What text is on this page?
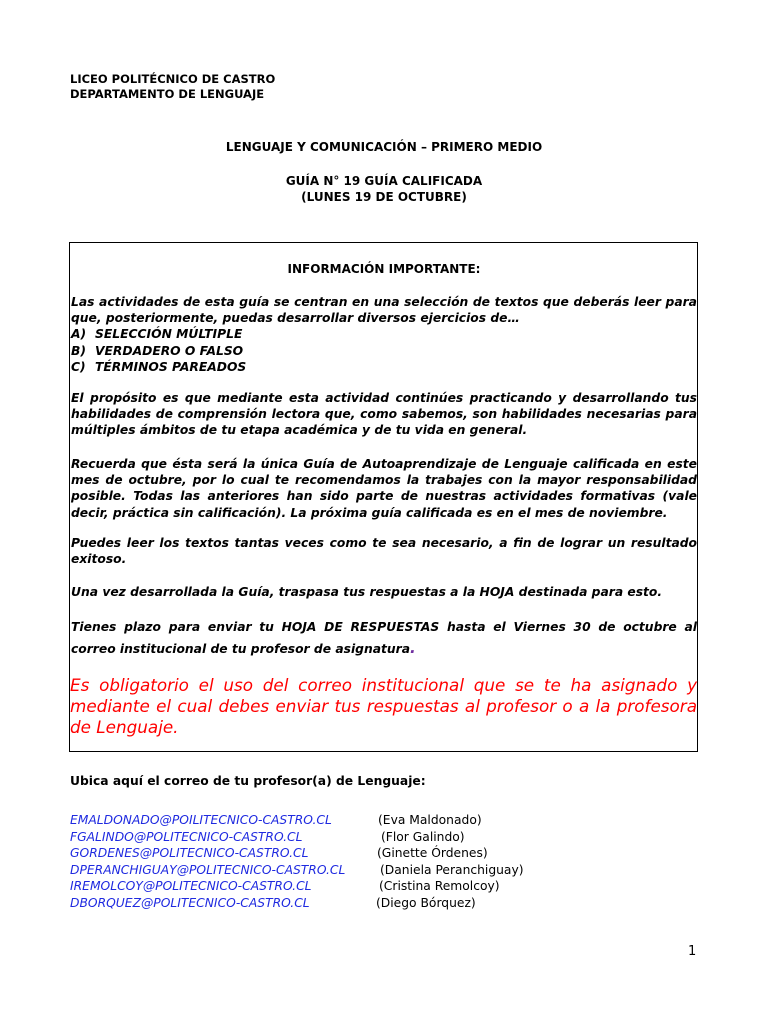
LICEO POLITÉCNICO DE CASTRO
DEPARTAMENTO DE LENGUAJE
LENGUAJE Y COMUNICACIÓN – PRIMERO MEDIO
GUÍA N° 19 GUÍA CALIFICADA
(LUNES 19 DE OCTUBRE)
INFORMACIÓN IMPORTANTE:

Las actividades de esta guía se centran en una selección de textos que deberás leer para que, posteriormente, puedas desarrollar diversos ejercicios de…

A) SELECCIÓN MÚLTIPLE

B) VERDADERO O FALSO

C) TÉRMINOS PAREADOS

El propósito es que mediante esta actividad continúes practicando y desarrollando tus habilidades de comprensión lectora que, como sabemos, son habilidades necesarias para múltiples ámbitos de tu etapa académica y de tu vida en general.
Recuerda que ésta será la única Guía de Autoaprendizaje de Lenguaje calificada en este mes de octubre, por lo cual te recomendamos la trabajes con la mayor responsabilidad posible. Todas las anteriores han sido parte de nuestras actividades formativas (vale decir, práctica sin calificación). La próxima guía calificada es en el mes de noviembre.
Puedes leer los textos tantas veces como te sea necesario, a fin de lograr un resultado exitoso.
Una vez desarrollada la Guía, traspasa tus respuestas a la HOJA destinada para esto.
Tienes plazo para enviar tu HOJA DE RESPUESTAS hasta el Viernes 30 de octubre al correo institucional de tu profesor de asignatura.
Es obligatorio el uso del correo institucional que se te ha asignado y mediante el cual debes enviar tus respuestas al profesor o a la profesora de Lenguaje.
Ubica aquí el correo de tu profesor(a) de Lenguaje:
EMALDONADO@POILITECNICO-CASTRO.CL	(Eva Maldonado)
FGALINDO@POLITECNICO-CASTRO.CL	(Flor Galindo)
GORDENES@POLITECNICO-CASTRO.CL	(Ginette Órdenes)
DPERANCHIGUAY@POLITECNICO-CASTRO.CL	(Daniela Peranchiguay)
IREMOLCOY@POLITECNICO-CASTRO.CL	(Cristina Remolcoy)
DBORQUEZ@POLITECNICO-CASTRO.CL	(Diego Bórquez)
1
